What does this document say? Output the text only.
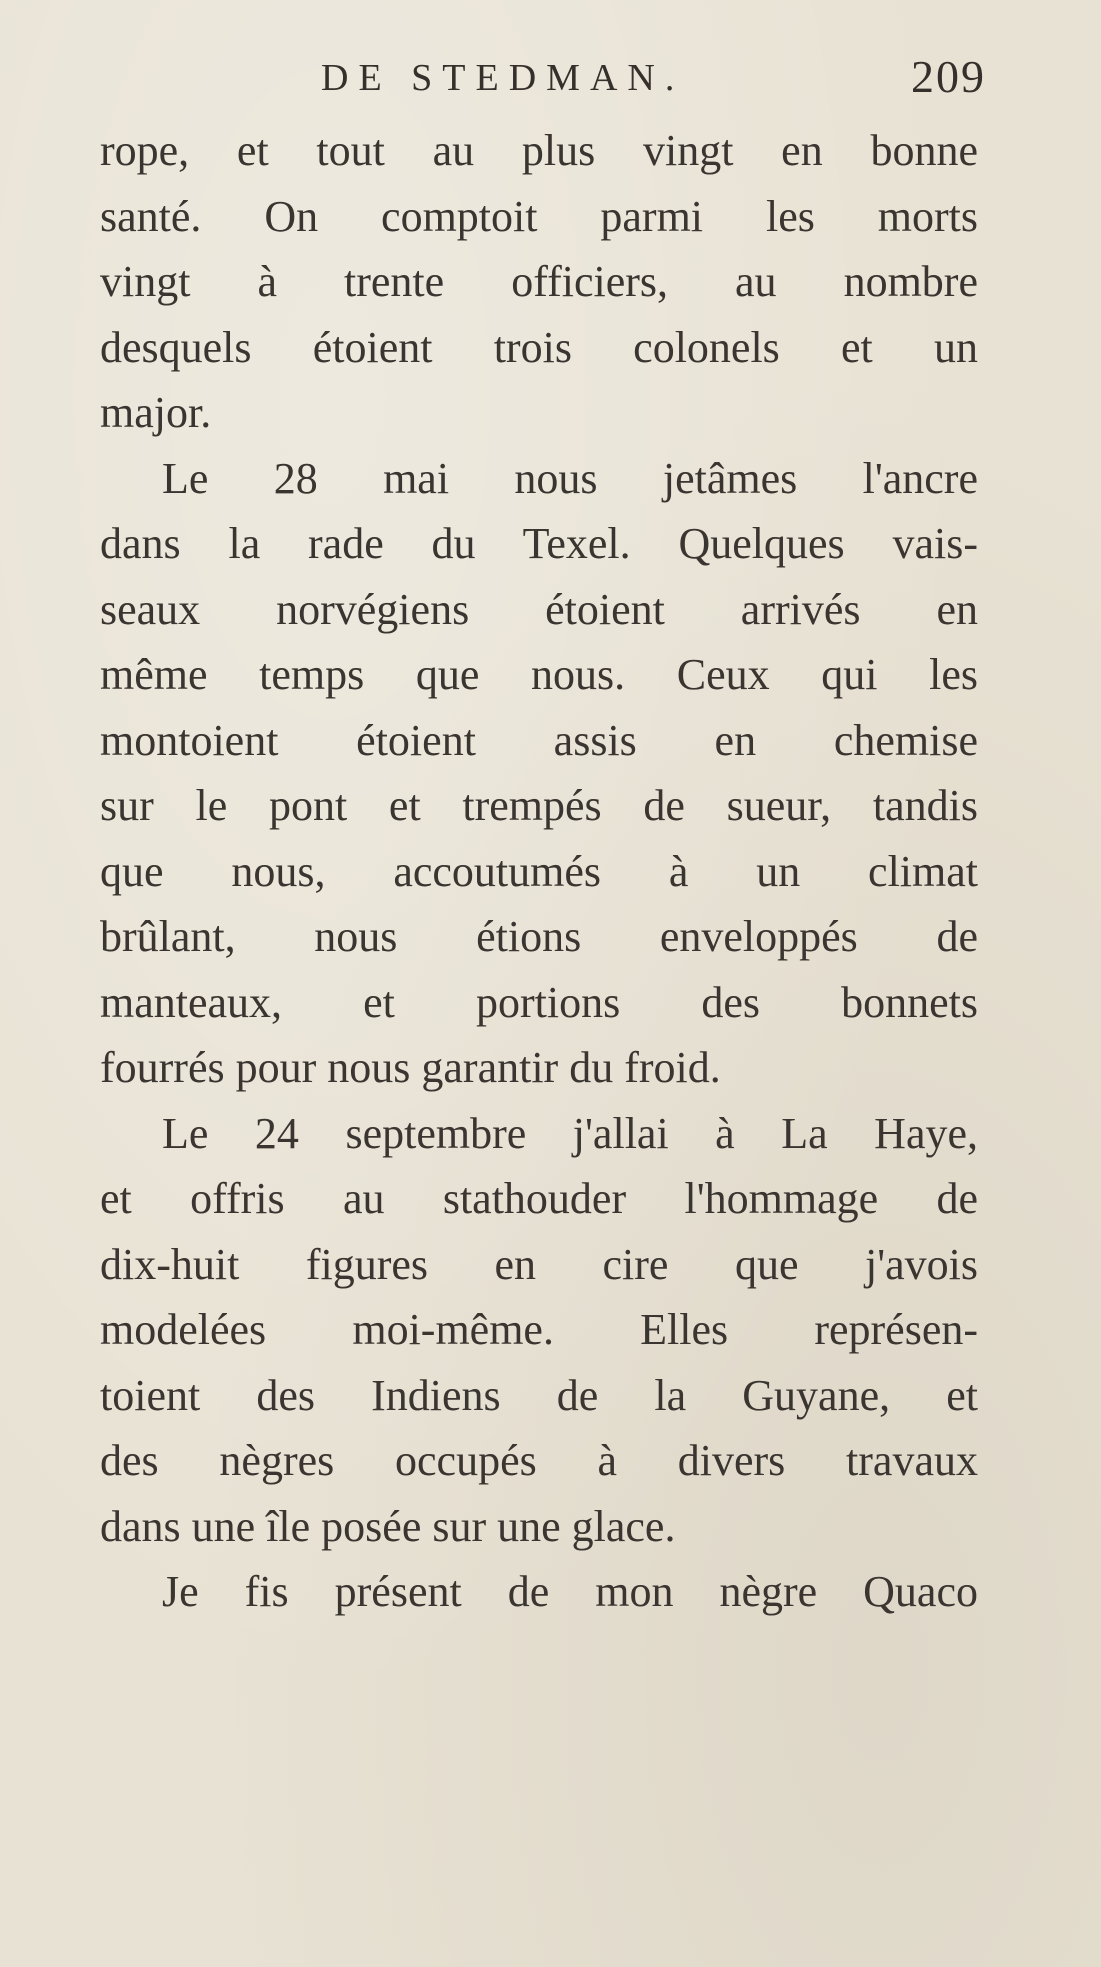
DE STEDMAN.	209
rope, et tout au plus vingt en bonne
santé. On comptoit parmi les morts
vingt à trente officiers, au nombre
desquels étoient trois colonels et un
major.
Le 28 mai nous jetâmes l'ancre
dans la rade du Texel. Quelques vais-
seaux norvégiens étoient arrivés en
même temps que nous. Ceux qui les
montoient étoient assis en chemise
sur le pont et trempés de sueur, tandis
que nous, accoutumés à un climat
brûlant, nous étions enveloppés de
manteaux, et portions des bonnets
fourrés pour nous garantir du froid.
Le 24 septembre j'allai à La Haye,
et offris au stathouder l'hommage de
dix-huit figures en cire que j'avois
modelées moi-même. Elles représen-
toient des Indiens de la Guyane, et
des nègres occupés à divers travaux
dans une île posée sur une glace.
Je fis présent de mon nègre Quaco
